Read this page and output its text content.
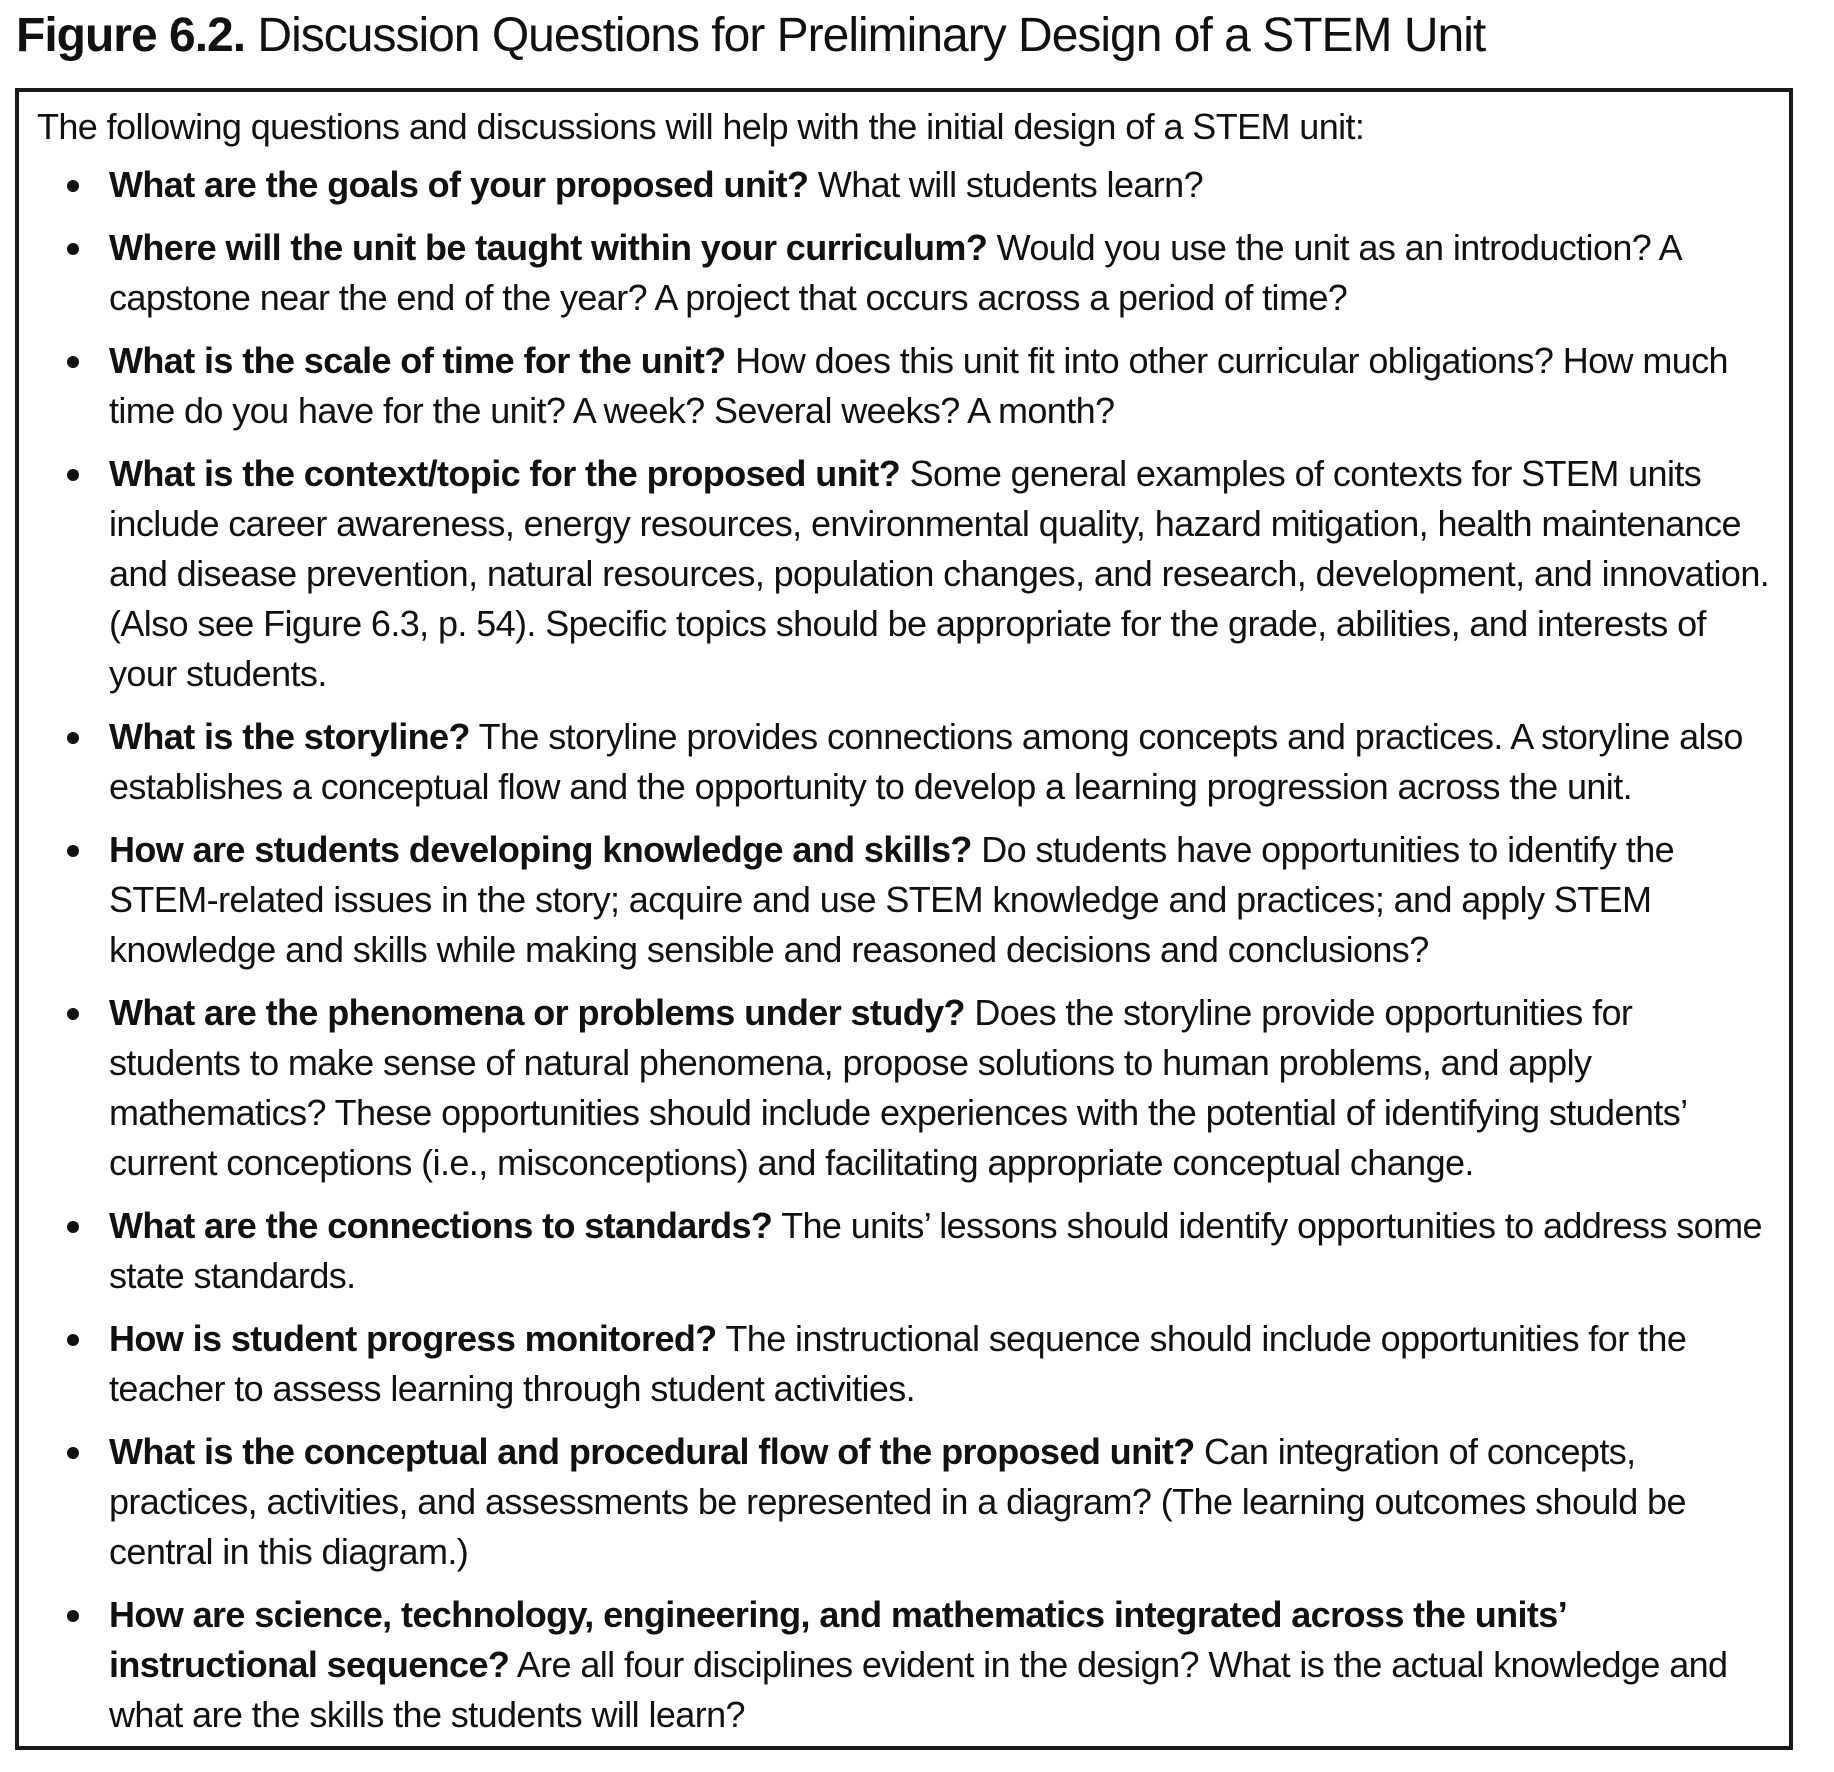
Figure 6.2. Discussion Questions for Preliminary Design of a STEM Unit

The following questions and discussions will help with the initial design of a STEM unit:

What are the goals of your proposed unit? What will students learn?
Where will the unit be taught within your curriculum? Would you use the unit as an introduction? A capstone near the end of the year? A project that occurs across a period of time?
What is the scale of time for the unit? How does this unit fit into other curricular obligations? How much time do you have for the unit? A week? Several weeks? A month?
What is the context/topic for the proposed unit? Some general examples of contexts for STEM units include career awareness, energy resources, environmental quality, hazard mitigation, health maintenance and disease prevention, natural resources, population changes, and research, development, and innovation. (Also see Figure 6.3, p. 54). Specific topics should be appropriate for the grade, abilities, and interests of your students.
What is the storyline? The storyline provides connections among concepts and practices. A storyline also establishes a conceptual flow and the opportunity to develop a learning progression across the unit.
How are students developing knowledge and skills? Do students have opportunities to identify the STEM-related issues in the story; acquire and use STEM knowledge and practices; and apply STEM knowledge and skills while making sensible and reasoned decisions and conclusions?
What are the phenomena or problems under study? Does the storyline provide opportunities for students to make sense of natural phenomena, propose solutions to human problems, and apply mathematics? These opportunities should include experiences with the potential of identifying students’ current conceptions (i.e., misconceptions) and facilitating appropriate conceptual change.
What are the connections to standards? The units’ lessons should identify opportunities to address some state standards.
How is student progress monitored? The instructional sequence should include opportunities for the teacher to assess learning through student activities.
What is the conceptual and procedural flow of the proposed unit? Can integration of concepts, practices, activities, and assessments be represented in a diagram? (The learning outcomes should be central in this diagram.)
How are science, technology, engineering, and mathematics integrated across the units’ instructional sequence? Are all four disciplines evident in the design? What is the actual knowledge and what are the skills the students will learn?
